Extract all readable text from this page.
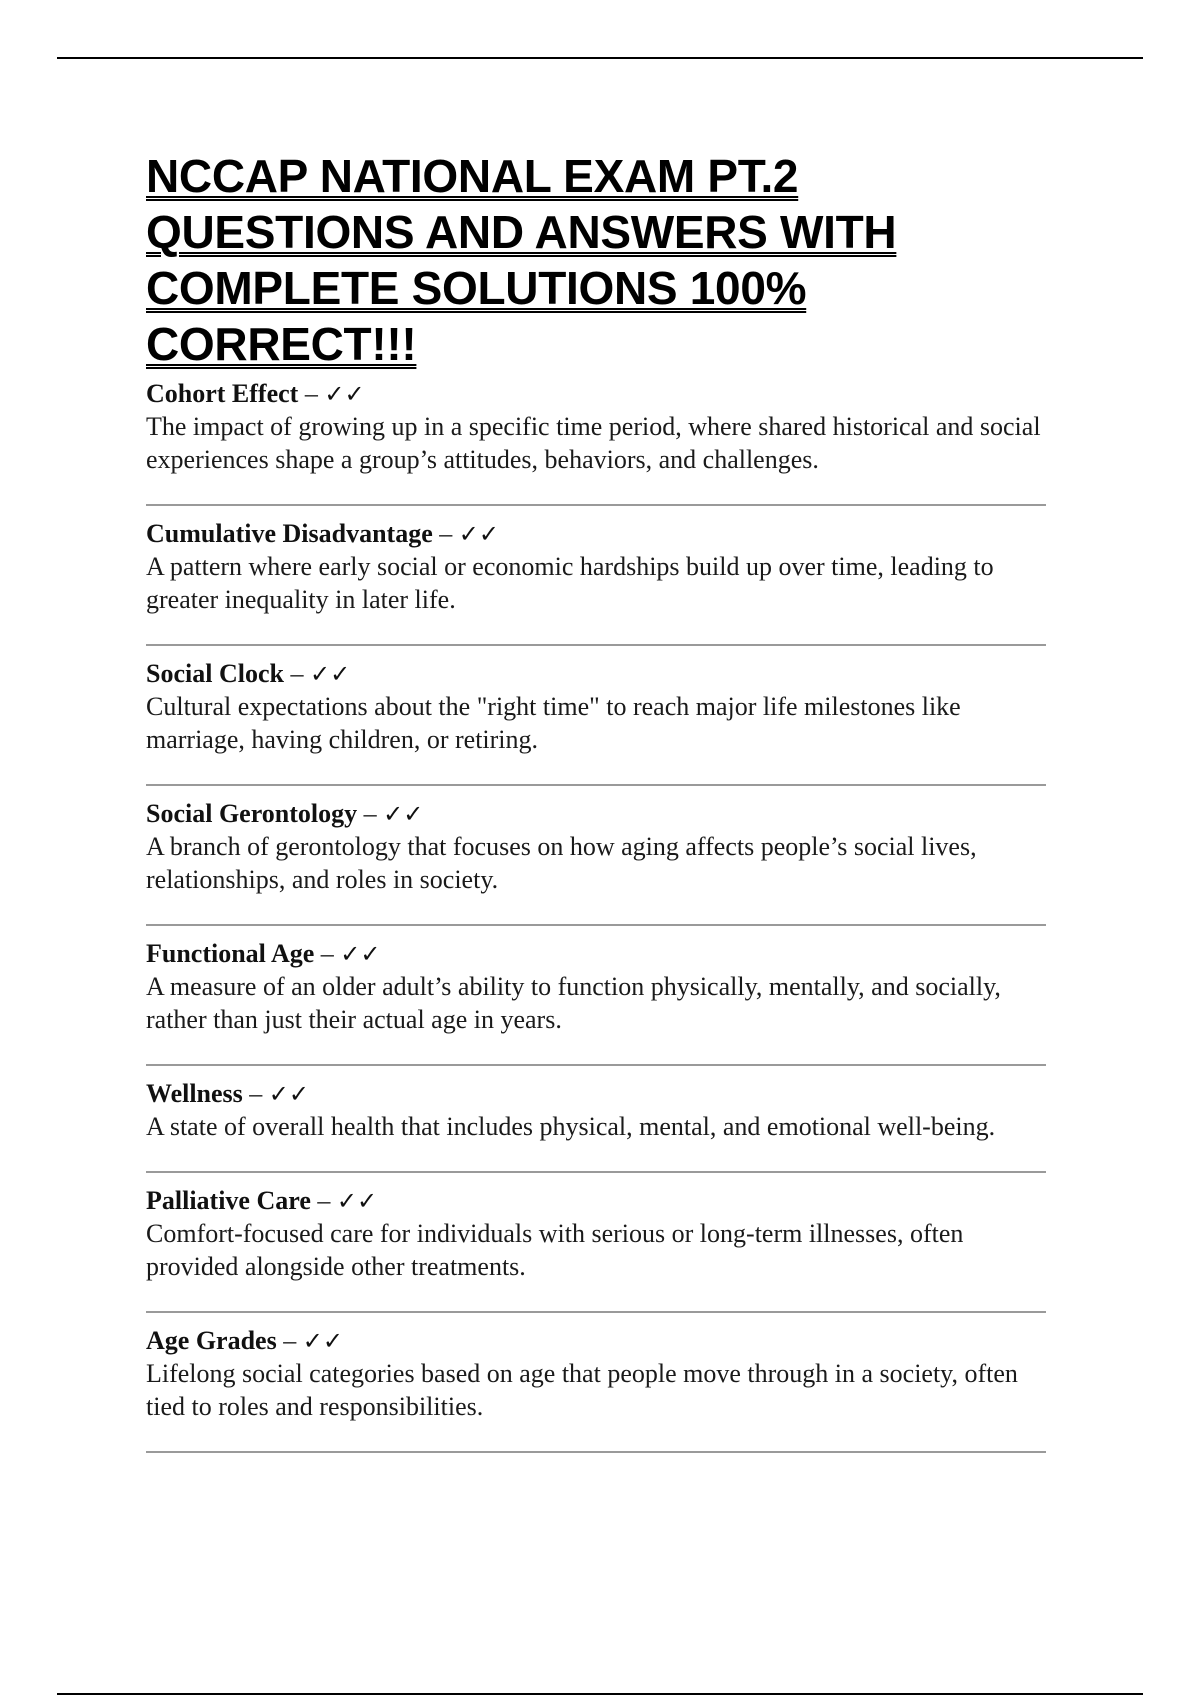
NCCAP NATIONAL EXAM PT.2 QUESTIONS AND ANSWERS WITH COMPLETE SOLUTIONS 100% CORRECT!!!

Cohort Effect – ✓✓

The impact of growing up in a specific time period, where shared historical and social experiences shape a group’s attitudes, behaviors, and challenges.

Cumulative Disadvantage – ✓✓

A pattern where early social or economic hardships build up over time, leading to greater inequality in later life.

Social Clock – ✓✓

Cultural expectations about the "right time" to reach major life milestones like marriage, having children, or retiring.

Social Gerontology – ✓✓

A branch of gerontology that focuses on how aging affects people’s social lives, relationships, and roles in society.

Functional Age – ✓✓

A measure of an older adult’s ability to function physically, mentally, and socially, rather than just their actual age in years.

Wellness – ✓✓

A state of overall health that includes physical, mental, and emotional well-being.

Palliative Care – ✓✓

Comfort-focused care for individuals with serious or long-term illnesses, often provided alongside other treatments.

Age Grades – ✓✓

Lifelong social categories based on age that people move through in a society, often tied to roles and responsibilities.
